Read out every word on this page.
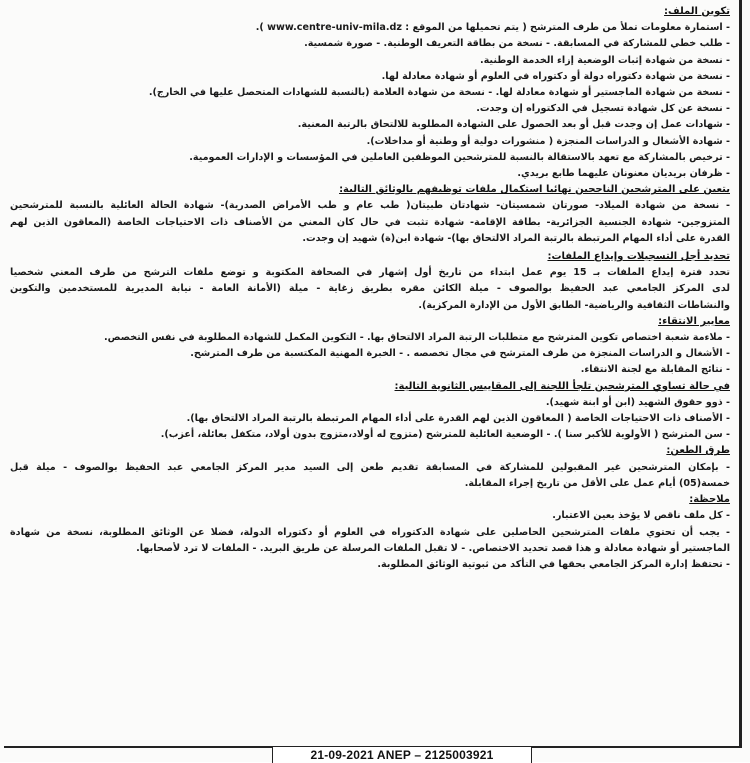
تكوين الملف:
- استمارة معلومات تملأ من طرف المترشح ( يتم تحميلها من الموقع : www.centre-univ-mila.dz ).
- طلب خطي للمشاركة في المسابقة. - نسخة من بطاقة التعريف الوطنية. - صورة شمسية.
- نسخة من شهادة إثبات الوضعية إزاء الخدمة الوطنية.
- نسخة من شهادة دكتوراه دولة أو دكتوراه في العلوم أو شهادة معادلة لها.
- نسخة من شهادة الماجستير أو شهادة معادلة لها. - نسخة من شهادة العلامة (بالنسبة للشهادات المتحصل عليها في الخارج).
- نسخة عن كل شهادة تسجيل في الدكتوراه إن وجدت.
- شهادات عمل إن وجدت قبل أو بعد الحصول على الشهادة المطلوبة للالتحاق بالرتبة المعنية.
- شهادة الأشغال و الدراسات المنجزة ( منشورات دولية أو وطنية أو مداخلات).
- ترخيص بالمشاركة مع تعهد بالاستقالة بالنسبة للمترشحين الموظفين العاملين في المؤسسات و الإدارات العمومية.
- ظرفان بريديان معنونان عليهما طابع بريدي.
يتعين على المترشحين الناجحين نهائيا استكمال ملفات توظيفهم بالوثائق التالية:
- نسخة من شهادة الميلاد- صورتان شمسيتان- شهادتان طبيتان( طب عام و طب الأمراض الصدرية)- شهادة الحالة العائلية بالنسبة للمترشحين
المتزوجين- شهادة الجنسية الجزائرية- بطاقة الإقامة- شهادة تثبت في حال كان المعني من الأصناف ذات الاحتياجات الخاصة (المعاقون الذين لهم
القدرة على أداء المهام المرتبطة بالرتبة المراد الالتحاق بها)- شهادة ابن(ة) شهيد إن وجدت.
تحديد أجل التسجيلات وإيداع الملفات:
تحدد فترة إيداع الملفات بـ 15 يوم عمل ابتداء من تاريخ أول إشهار في الصحافة المكتوبة و توضع ملفات الترشح من طرف المعني شخصيا
لدى المركز الجامعي عبد الحفيظ بوالصوف - ميلة الكائن مقره بطريق زغاية - ميلة (الأمانة العامة - نيابة المديرية للمستخدمين والتكوين
والنشاطات الثقافية والرياضية- الطابق الأول من الإدارة المركزية).
معايير الانتقاء:
- ملاءمة شعبة اختصاص تكوين المترشح مع متطلبات الرتبة المراد الالتحاق بها. - التكوين المكمل للشهادة المطلوبة في نفس التخصص.
- الأشغال و الدراسات المنجزة من طرف المترشح في مجال تخصصه . - الخبرة المهنية المكتسبة من طرف المترشح.
- نتائج المقابلة مع لجنة الانتقاء.
في حالة تساوي المترشحين تلجأ اللجنة إلى المقاييس الثانوية التالية:
- ذوو حقوق الشهيد (ابن أو ابنة شهيد).
- الأصناف ذات الاحتياجات الخاصة ( المعاقون الذين لهم القدرة على أداء المهام المرتبطة بالرتبة المراد الالتحاق بها).
- سن المترشح ( الأولوية للأكبر سنا ). - الوضعية العائلية للمترشح (متزوج له أولاد،متزوج بدون أولاد، متكفل بعائلة، أعزب).
طرق الطعن:
- بإمكان المترشحين غير المقبولين للمشاركة في المسابقة تقديم طعن إلى السيد مدير المركز الجامعي عبد الحفيظ بوالصوف - ميلة قبل
خمسة(05) أيام عمل على الأقل من تاريخ إجراء المقابلة.
ملاحظة:
- كل ملف ناقص لا يؤخذ بعين الاعتبار.
- يجب أن تحتوي ملفات المترشحين الحاصلين على شهادة الدكتوراه في العلوم أو دكتوراه الدولة، فضلا عن الوثائق المطلوبة، نسخة من شهادة
الماجستير أو شهادة معادلة و هذا قصد تحديد الاختصاص. - لا تقبل الملفات المرسلة عن طريق البريد. - الملفات لا ترد لأصحابها.
- تحتفظ إدارة المركز الجامعي بحقها في التأكد من ثبوتية الوثائق المطلوبة.
21-09-2021 ANEP – 2125003921
